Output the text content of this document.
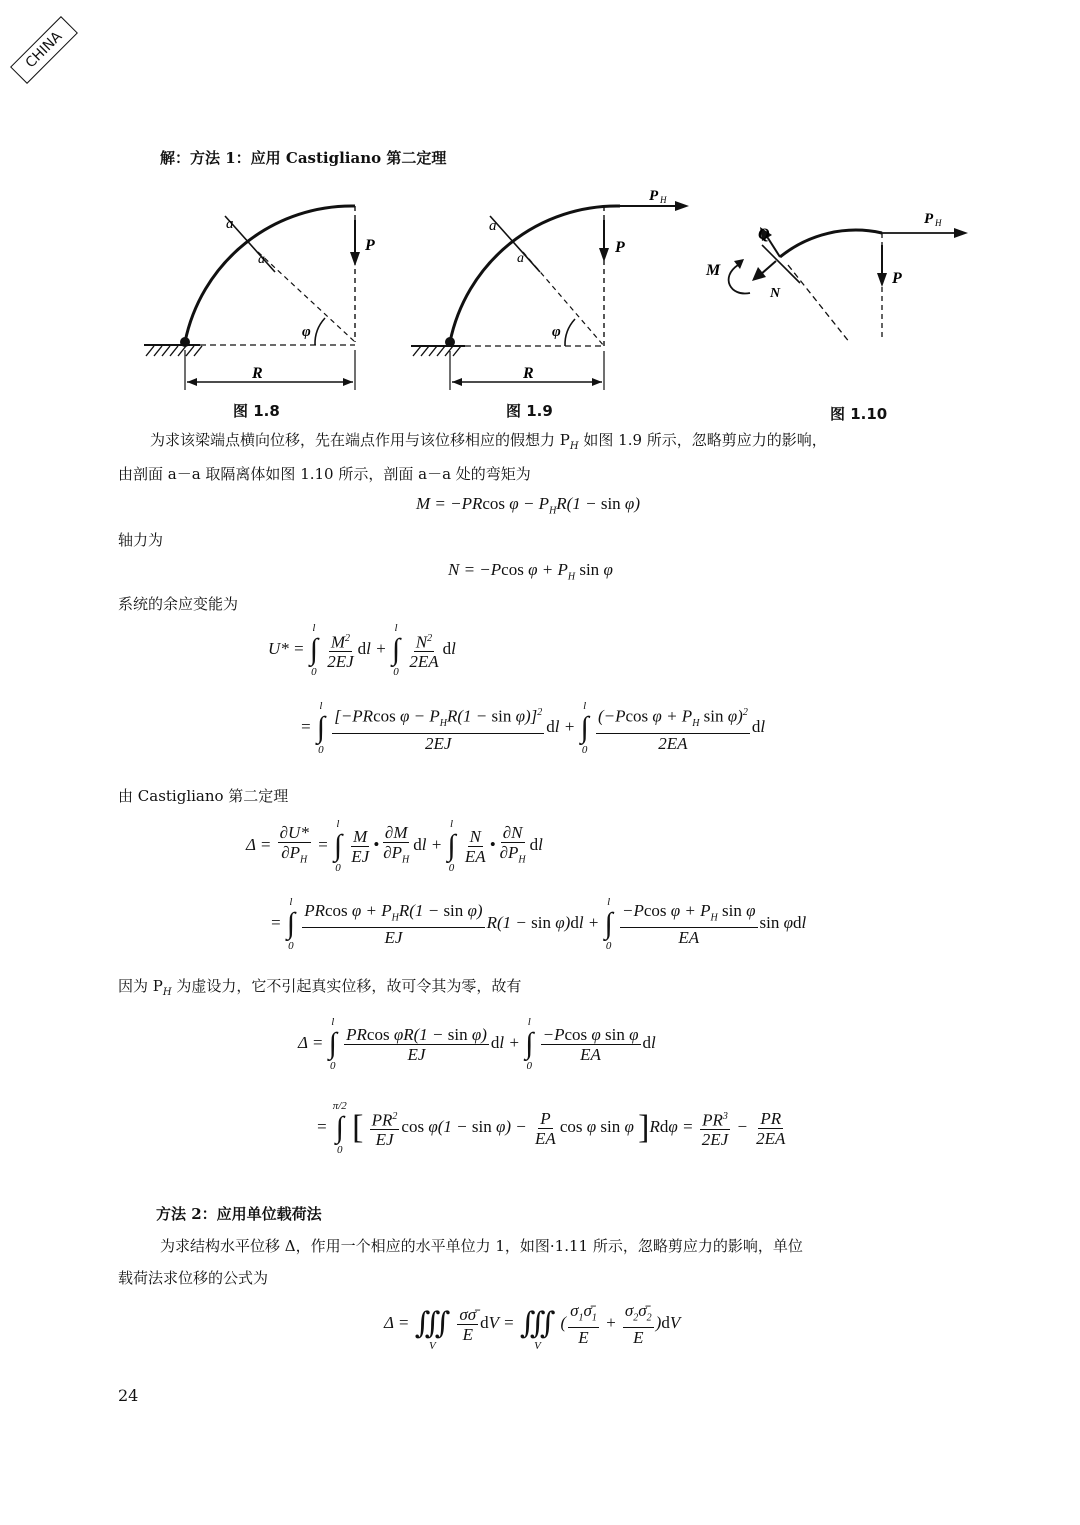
CHINA
解：方法 1：应用 Castigliano 第二定理
a
a
P
φ
R
图 1.8
a
a
P
P H
φ
R
图 1.9
Q
M
N
P
P H
图 1.10
为求该梁端点横向位移，先在端点作用与该位移相应的假想力 $P_H$ 如图 1.9 所示，忽略剪应力的影响，
由剖面 a－a 取隔离体如图 1.10 所示，剖面 a－a 处的弯矩为
M = −PRcos $\varphi - P_HR(1 - \sin \varphi)$
轴力为
N = −Pcos $\varphi + P_H$ sin φ
系统的余应变能为
U* =
l
∫
0

$\frac{M^2}{2EJ}$ dl +
l
∫
0

$\frac{N^2}{2EA}$ dl
=
l
∫
0
$\frac{[-PRcos \varphi - P_HR(1 - \sin \varphi)]^2}{2EJ}$ dl +
l
∫
0
$\frac{(-Pcos \varphi + P_H \sin \varphi)^2}{2EA}$ dl
由 Castigliano 第二定理
$\Delta = \frac{\partial U*}{\partial P_H}$ =
l
∫
0

$\frac{M}{EJ}$ • $\frac{\partial M}{\partial P_H}$ dl +
l
∫
0

$\frac{N}{EA}$ • $\frac{\partial N}{\partial P_H}$ dl
=
l
∫
0
$\frac{PRcos \varphi + P_HR(1 - \sin \varphi)}{EJ} R(1 - \sin \varphi)dl$ +
l
∫
0
$\frac{-Pcos \varphi + P_H \sin \varphi}{EA}$ sin φdl
因为 $P_H$ 为虚设力，它不引起真实位移，故可令其为零，故有
Δ =
l
∫
0

$\frac{\text{PRcos φR(1 − sin φ)}}{EJ}$ dl +
l
∫
0

$\frac{\text{−Pcos φ sin φ}}{EA}$ dl
=
π/2
∫
0
[ $\frac{PR^2}{EJ}$ $\cos \varphi(1 - \sin \varphi) - \frac{P}{EA}$ cos φ sin φ ]$Rd\varphi = \frac{PR^3}{2EJ} - \frac{PR}{2EA}$
方法 2：应用单位载荷法
为求结构水平位移 Δ，作用一个相应的水平单位力 1，如图·1.11 所示，忽略剪应力的影响，单位
载荷法求位移的公式为
Δ =
∭
V

$\frac{\sigma\sigmā}{E}$ dV =
∭
V
( $\frac{\sigma_1\sigmā_1}{E} + \frac{\sigma_2\sigmā_2}{E} )dV$
24
